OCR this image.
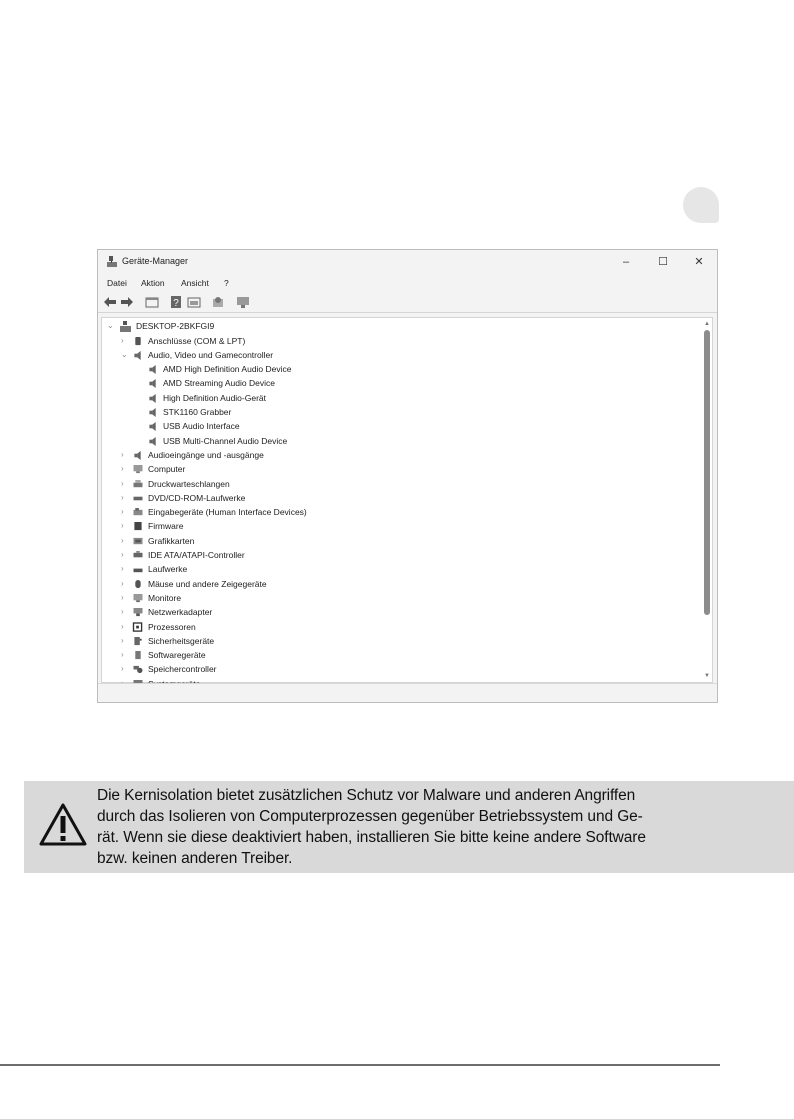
Geräte-Manager	–	☐	✕
Datei Aktion Ansicht ?
?
⌄	DESKTOP-2BKFGI9
›	Anschlüsse (COM & LPT)
⌄ Audio, Video und Gamecontroller
AMD High Definition Audio Device
AMD Streaming Audio Device
High Definition Audio-Gerät
STK1160 Grabber
USB Audio Interface
USB Multi-Channel Audio Device
›	Audioeingänge und -ausgänge
›	Computer
›	Druckwarteschlangen
›	DVD/CD-ROM-Laufwerke
›	Eingabegeräte (Human Interface Devices)
›	Firmware
›	Grafikkarten
›	IDE ATA/ATAPI-Controller
›	Laufwerke
›	Mäuse und andere Zeigegeräte
›	Monitore
›	Netzwerkadapter
›	Prozessoren
›	Sicherheitsgeräte
›	Softwaregeräte
›	Speichercontroller
▲
▼
Die Kernisolation bietet zusätzlichen Schutz vor Malware und anderen Angriffen
durch das Isolieren von Computerprozessen gegenüber Betriebssystem und Ge-
rät. Wenn sie diese deaktiviert haben, installieren Sie bitte keine andere Software
bzw. keinen anderen Treiber.
